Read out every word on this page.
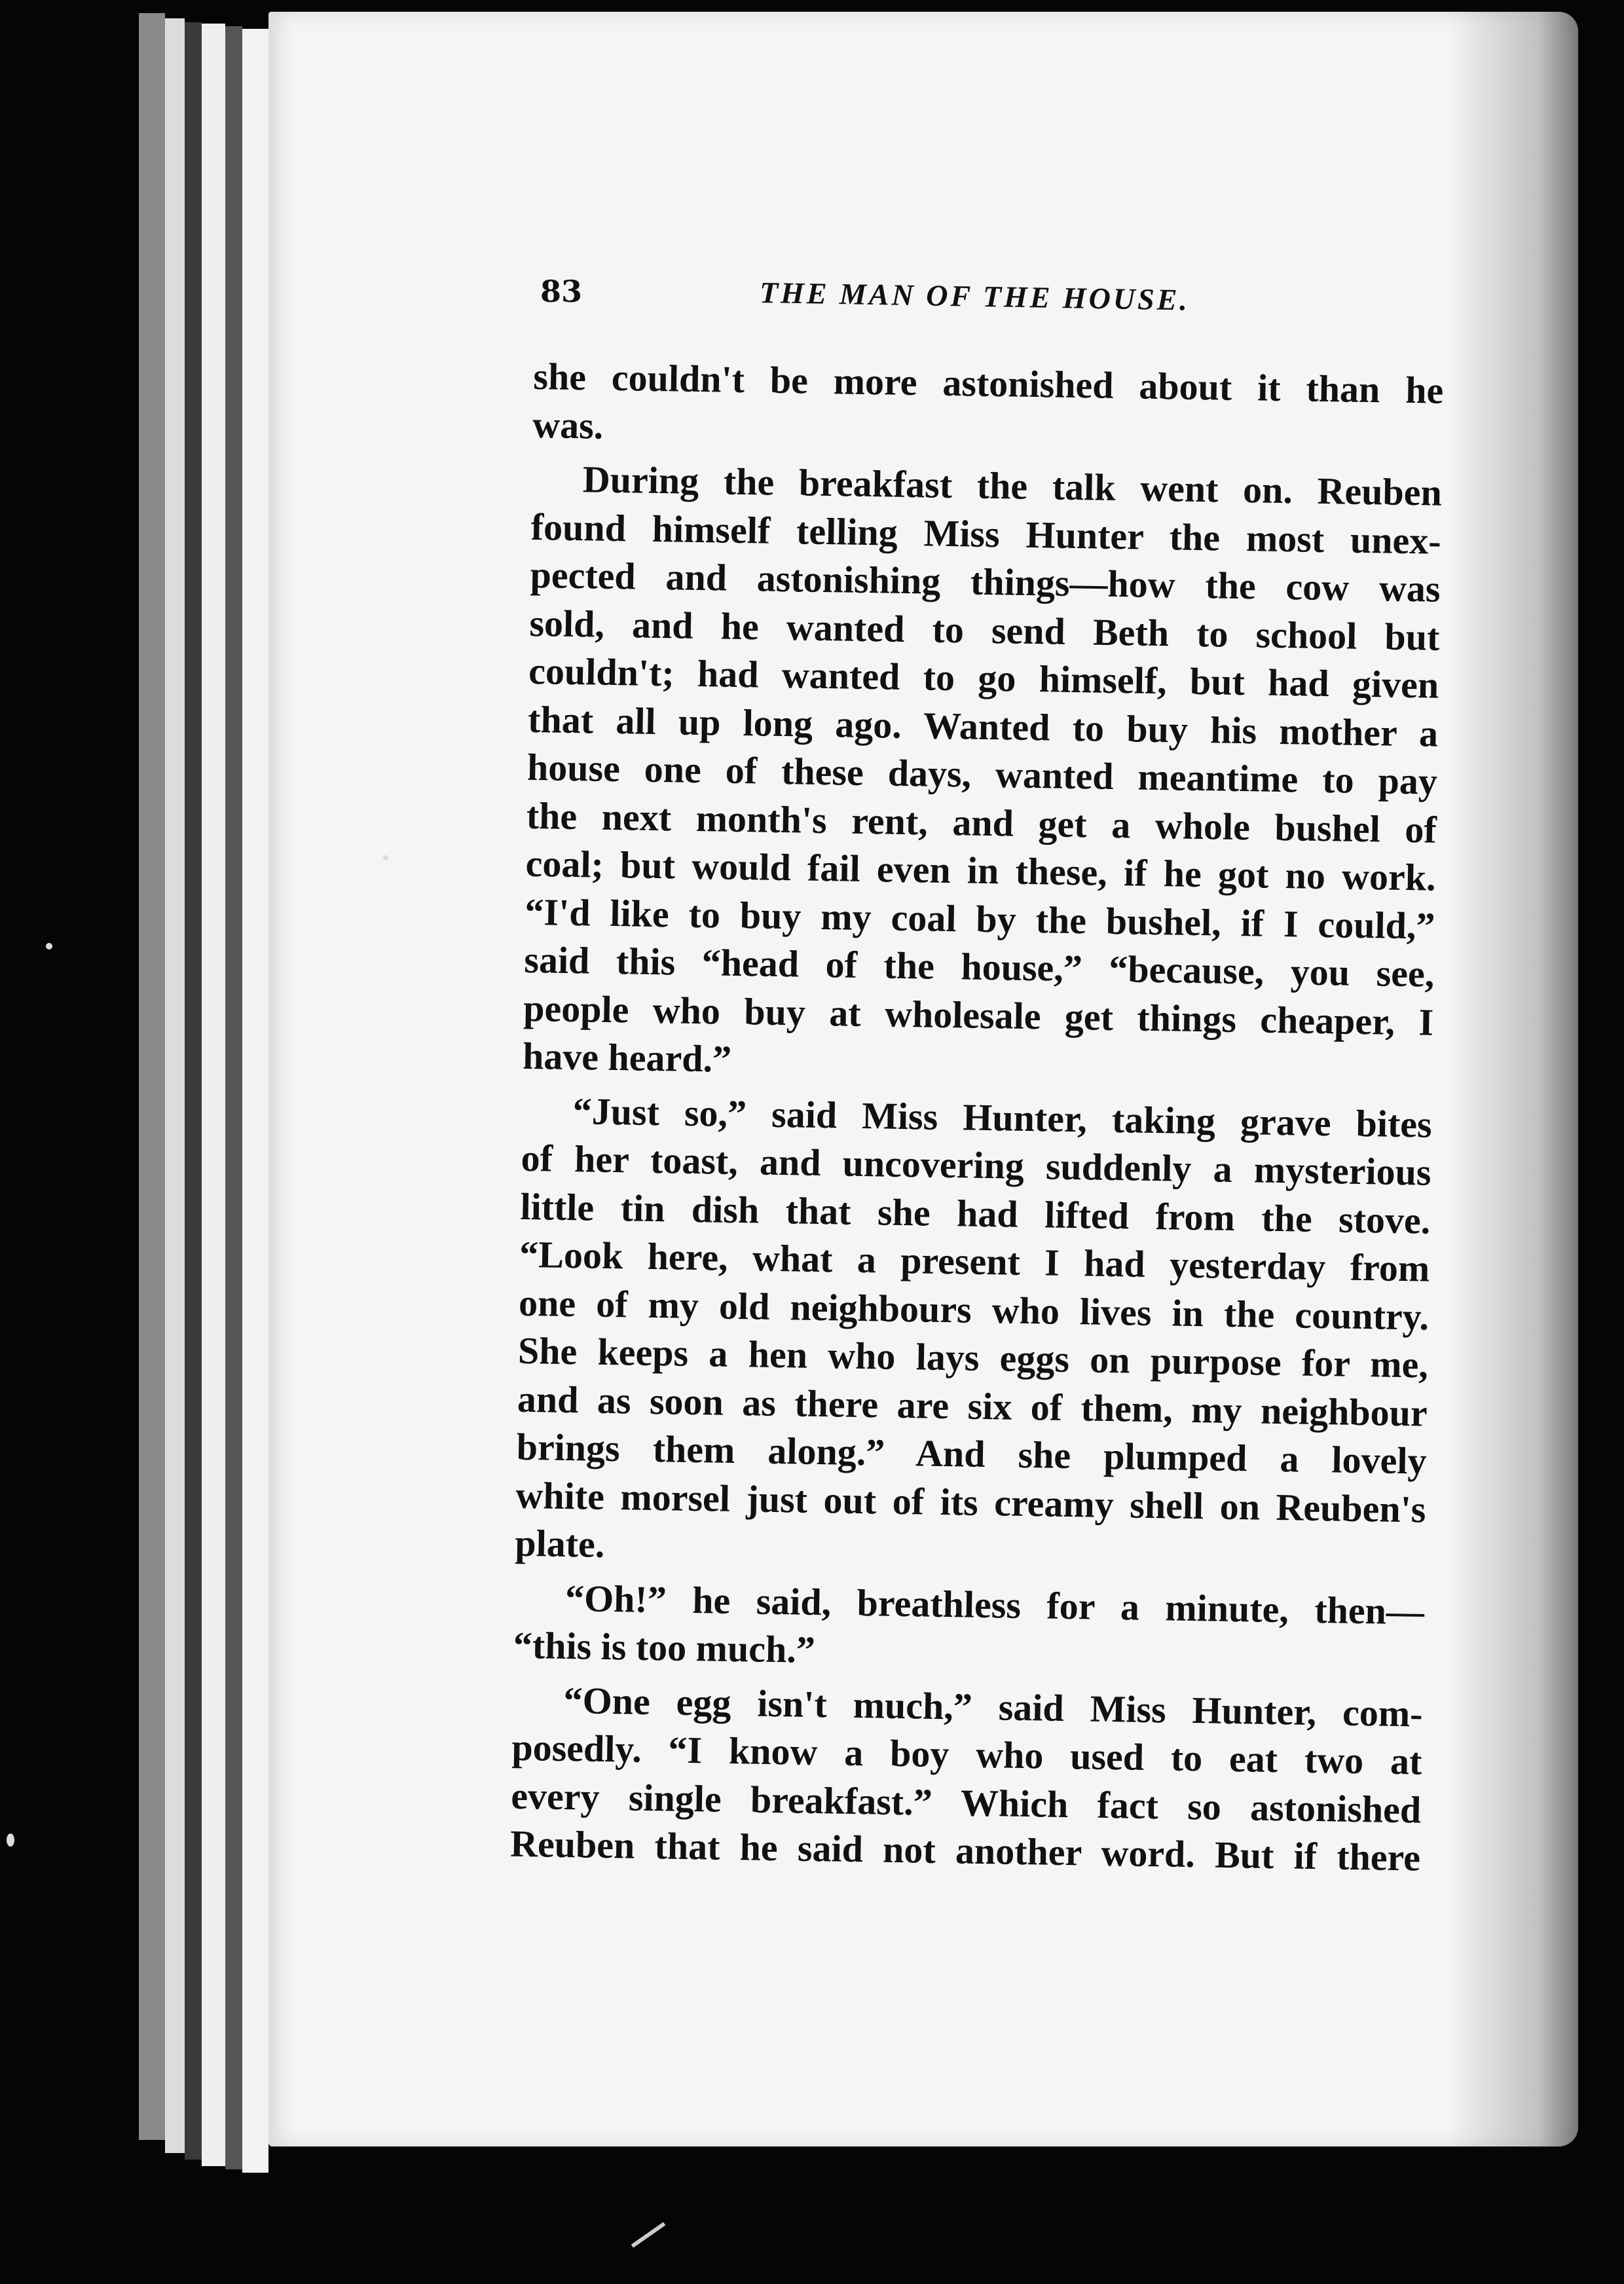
83	THE MAN OF THE HOUSE.

she couldn't be more astonished about it than he
was.

During the breakfast the talk went on. Reuben
found himself telling Miss Hunter the most unex-
pected and astonishing things—how the cow was
sold, and he wanted to send Beth to school but
couldn't; had wanted to go himself, but had given
that all up long ago. Wanted to buy his mother a
house one of these days, wanted meantime to pay
the next month's rent, and get a whole bushel of
coal; but would fail even in these, if he got no work.
“I'd like to buy my coal by the bushel, if I could,”
said this “head of the house,” “because, you see,
people who buy at wholesale get things cheaper, I
have heard.”

“Just so,” said Miss Hunter, taking grave bites
of her toast, and uncovering suddenly a mysterious
little tin dish that she had lifted from the stove.
“Look here, what a present I had yesterday from
one of my old neighbours who lives in the country.
She keeps a hen who lays eggs on purpose for me,
and as soon as there are six of them, my neighbour
brings them along.” And she plumped a lovely
white morsel just out of its creamy shell on Reuben's
plate.

“Oh!” he said, breathless for a minute, then—
“this is too much.”

“One egg isn't much,” said Miss Hunter, com-
posedly. “I know a boy who used to eat two at
every single breakfast.” Which fact so astonished
Reuben that he said not another word. But if there
